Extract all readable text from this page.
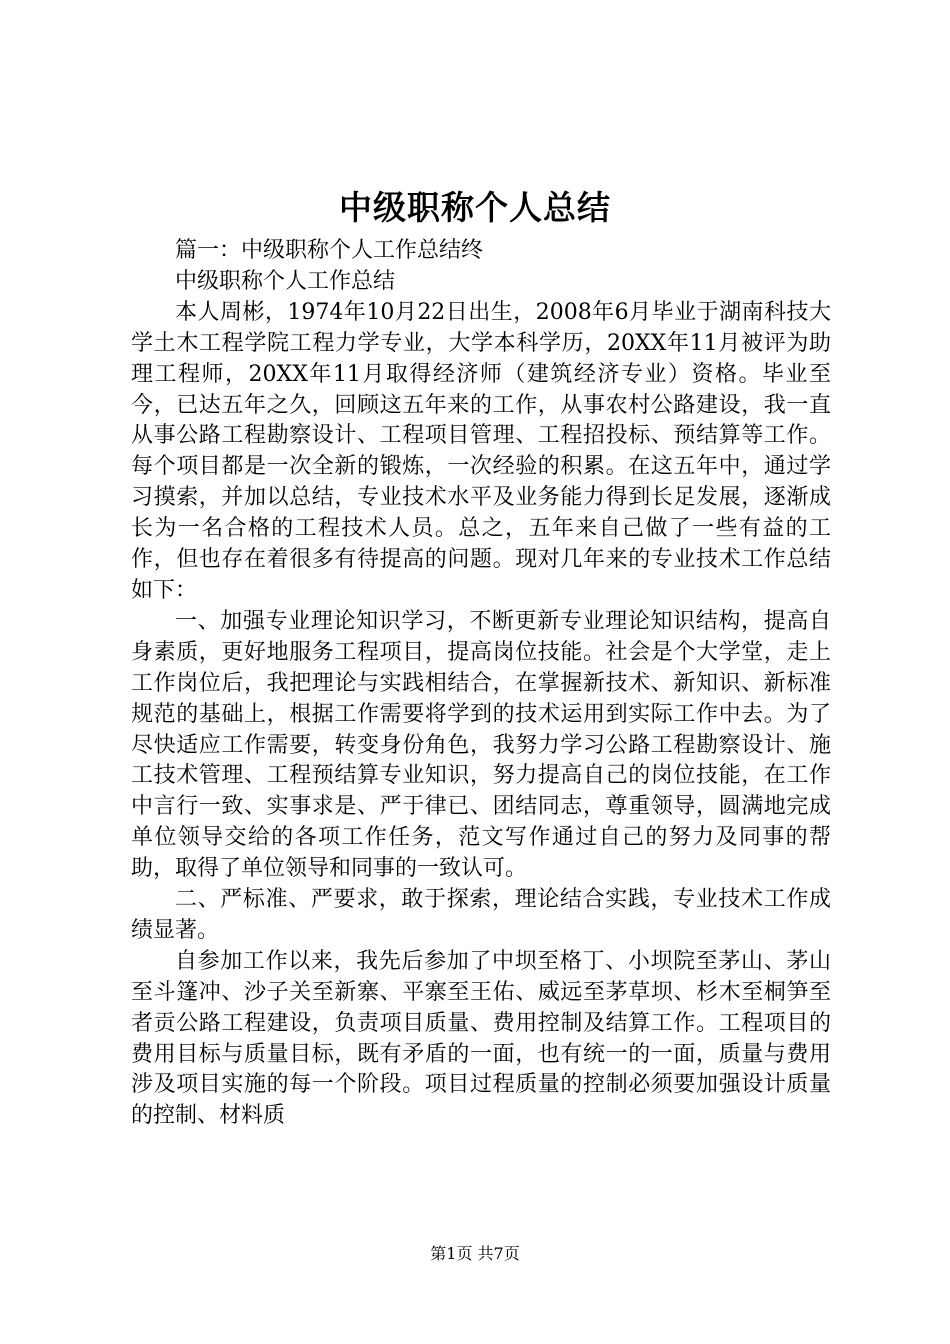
中级职称个人总结

篇一：中级职称个人工作总结终

中级职称个人工作总结

本人周彬，1974年10月22日出生，2008年6月毕业于湖南科技大学土木工程学院工程力学专业，大学本科学历，20XX年11月被评为助理工程师，20XX年11月取得经济师（建筑经济专业）资格。毕业至今，已达五年之久，回顾这五年来的工作，从事农村公路建设，我一直从事公路工程勘察设计、工程项目管理、工程招投标、预结算等工作。每个项目都是一次全新的锻炼，一次经验的积累。在这五年中，通过学习摸索，并加以总结，专业技术水平及业务能力得到长足发展，逐渐成长为一名合格的工程技术人员。总之，五年来自己做了一些有益的工作，但也存在着很多有待提高的问题。现对几年来的专业技术工作总结如下：

一、加强专业理论知识学习，不断更新专业理论知识结构，提高自身素质，更好地服务工程项目，提高岗位技能。社会是个大学堂，走上工作岗位后，我把理论与实践相结合，在掌握新技术、新知识、新标准规范的基础上，根据工作需要将学到的技术运用到实际工作中去。为了尽快适应工作需要，转变身份角色，我努力学习公路工程勘察设计、施工技术管理、工程预结算专业知识，努力提高自己的岗位技能，在工作中言行一致、实事求是、严于律已、团结同志，尊重领导，圆满地完成单位领导交给的各项工作任务，范文写作通过自己的努力及同事的帮助，取得了单位领导和同事的一致认可。

二、严标准、严要求，敢于探索，理论结合实践，专业技术工作成绩显著。

自参加工作以来，我先后参加了中坝至格丁、小坝院至茅山、茅山至斗篷冲、沙子关至新寨、平寨至王佑、威远至茅草坝、杉木至桐笋至者贡公路工程建设，负责项目质量、费用控制及结算工作。工程项目的费用目标与质量目标，既有矛盾的一面，也有统一的一面，质量与费用涉及项目实施的每一个阶段。项目过程质量的控制必须要加强设计质量的控制、材料质

第1页 共7页
